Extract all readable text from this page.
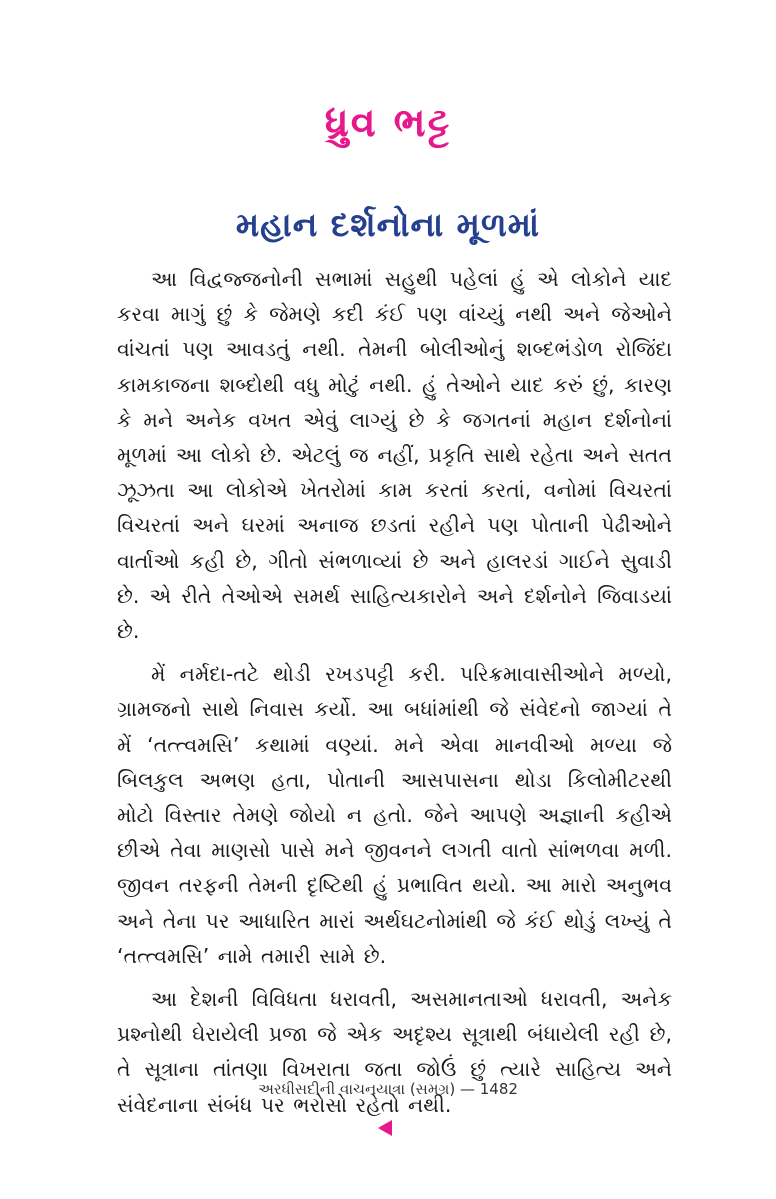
ધ્રુવ ભટ્ટ
મહાન દર્શનોના મૂળમાં

આ વિદ્વજ્જનોની સભામાં સહુથી પહેલાં હું એ લોકોને યાદ કરવા માગું છું કે જેમણે કદી કંઈ પણ વાંચ્યું નથી અને જેઓને વાંચતાં પણ આવડતું નથી. તેમની બોલીઓનું શબ્દભંડોળ રોજિંદા કામકાજના શબ્દોથી વધુ મોટું નથી. હું તેઓને યાદ કરું છું, કારણ કે મને અનેક વખત એવું લાગ્યું છે કે જગતનાં મહાન દર્શનોનાં મૂળમાં આ લોકો છે. એટલું જ નહીં, પ્રકૃતિ સાથે રહેતા અને સતત ઝૂઝતા આ લોકોએ ખેતરોમાં કામ કરતાં કરતાં, વનોમાં વિચરતાં વિચરતાં અને ઘરમાં અનાજ છડતાં રહીને પણ પોતાની પેઢીઓને વાર્તાઓ કહી છે, ગીતો સંભળાવ્યાં છે અને હાલરડાં ગાઈને સુવાડી છે. એ રીતે તેઓએ સમર્થ સાહિત્યકારોને અને દર્શનોને જિવાડયાં છે.

મેં નર્મદા-તટે થોડી રખડપટ્ટી કરી. પરિક્રમાવાસીઓને મળ્યો, ગ્રામજનો સાથે નિવાસ કર્યો. આ બધાંમાંથી જે સંવેદનો જાગ્યાં તે મેં ‘તત્ત્વમસિ’ કથામાં વણ્યાં. મને એવા માનવીઓ મળ્યા જે બિલકુલ અભણ હતા, પોતાની આસપાસના થોડા કિલોમીટરથી મોટો વિસ્તાર તેમણે જોયો ન હતો. જેને આપણે અજ્ઞાની કહીએ છીએ તેવા માણસો પાસે મને જીવનને લગતી વાતો સાંભળવા મળી. જીવન તરફની તેમની દૃષ્ટિથી હું પ્રભાવિત થયો. આ મારો અનુભવ અને તેના પર આધારિત મારાં અર્થઘટનોમાંથી જે કંઈ થોડું લખ્યું તે ‘તત્ત્વમસિ’ નામે તમારી સામે છે.

આ દેશની વિવિધતા ધરાવતી, અસમાનતાઓ ધરાવતી, અનેક પ્રશ્નોથી ઘેરાયેલી પ્રજા જે એક અદૃશ્ય સૂત્રાથી બંધાયેલી રહી છે, તે સૂત્રાના તાંતણા વિખરાતા જતા જોઉં છું ત્યારે સાહિત્ય અને સંવેદનાના સંબંધ પર ભરોસો રહેતો નથી.

અરધીસદીની વાચનયાત્રા (સમગ્ર) — 1482
